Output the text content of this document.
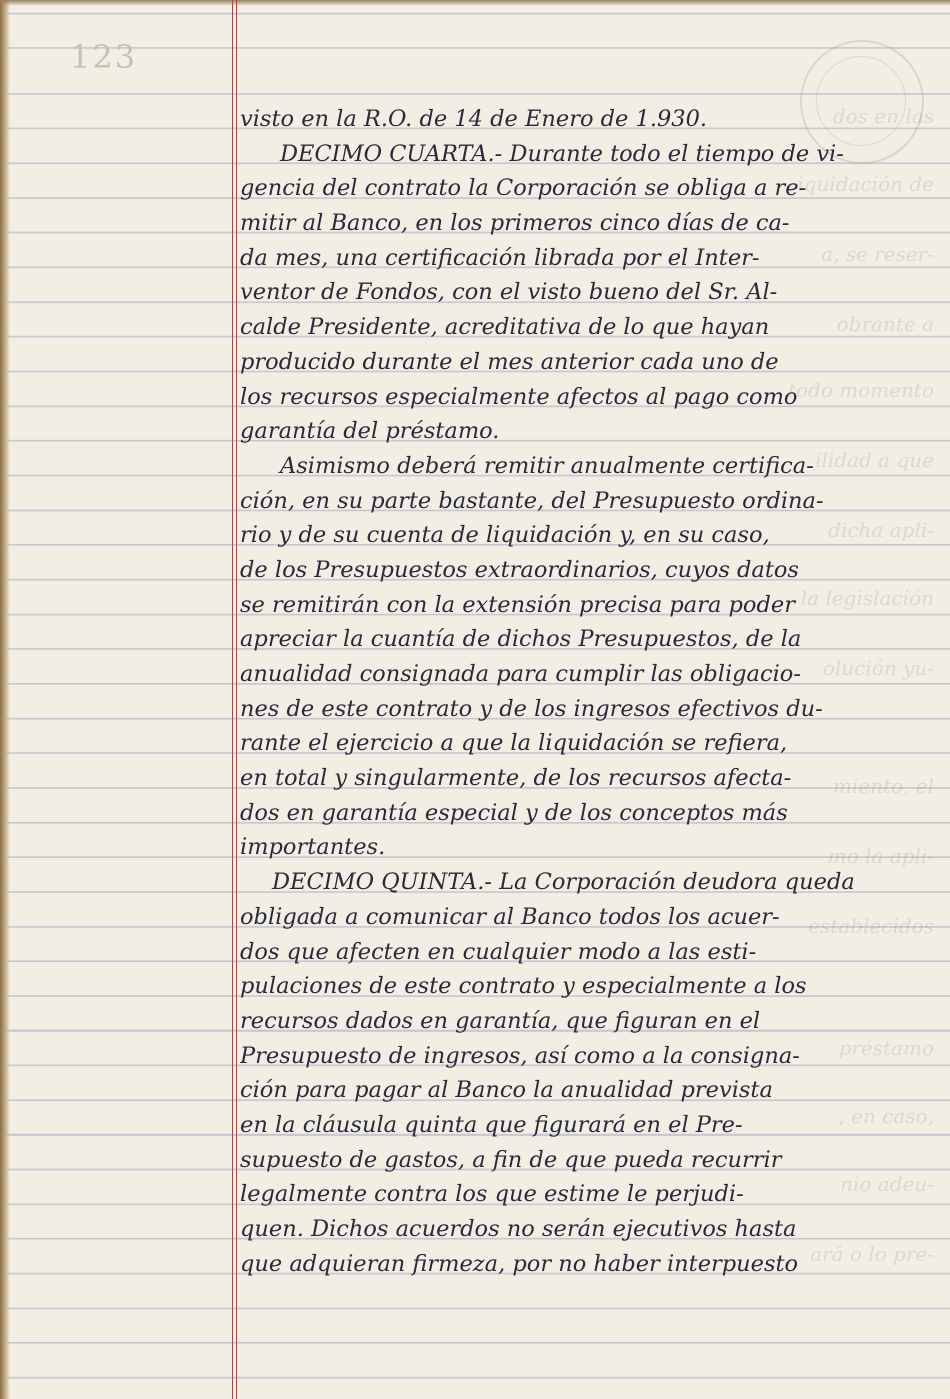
123
dos en las
iquidación de
a, se reser-
obrante a
todo momento
ilidad a que
dicha apli-
la legislación
olución yu-
miento, el
mo la apli-
establecidos
préstamo
, en caso,
nio adeu-
ará o lo pre-

visto en la R.O. de 14 de Enero de 1.930.

DECIMO CUARTA.- Durante todo el tiempo de vi-

gencia del contrato la Corporación se obliga a re-

mitir al Banco, en los primeros cinco días de ca-

da mes, una certificación librada por el Inter-

ventor de Fondos, con el visto bueno del Sr. Al-

calde Presidente, acreditativa de lo que hayan

producido durante el mes anterior cada uno de

los recursos especialmente afectos al pago como

garantía del préstamo.

Asimismo deberá remitir anualmente certifica-

ción, en su parte bastante, del Presupuesto ordina-

rio y de su cuenta de liquidación y, en su caso,

de los Presupuestos extraordinarios, cuyos datos

se remitirán con la extensión precisa para poder

apreciar la cuantía de dichos Presupuestos, de la

anualidad consignada para cumplir las obligacio-

nes de este contrato y de los ingresos efectivos du-

rante el ejercicio a que la liquidación se refiera,

en total y singularmente, de los recursos afecta-

dos en garantía especial y de los conceptos más

importantes.

DECIMO QUINTA.- La Corporación deudora queda

obligada a comunicar al Banco todos los acuer-

dos que afecten en cualquier modo a las esti-

pulaciones de este contrato y especialmente a los

recursos dados en garantía, que figuran en el

Presupuesto de ingresos, así como a la consigna-

ción para pagar al Banco la anualidad prevista

en la cláusula quinta que figurará en el Pre-

supuesto de gastos, a fin de que pueda recurrir

legalmente contra los que estime le perjudi-

quen. Dichos acuerdos no serán ejecutivos hasta

que adquieran firmeza, por no haber interpuesto
